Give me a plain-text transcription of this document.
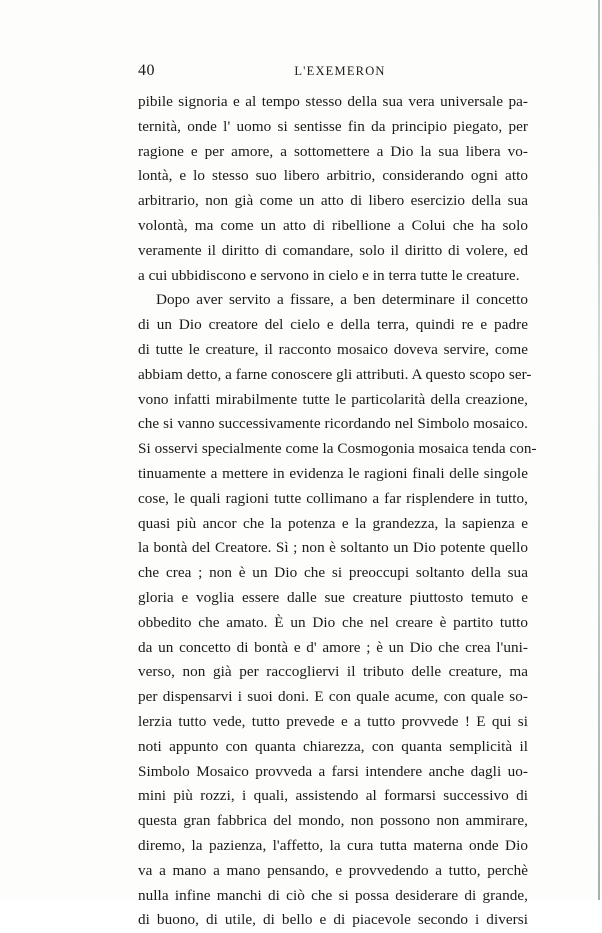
40	L'EXEMERON
pibile signoria e al tempo stesso della sua vera universale pa-
ternità, onde l' uomo si sentisse fin da principio piegato, per
ragione e per amore, a sottomettere a Dio la sua libera vo-
lontà, e lo stesso suo libero arbitrio, considerando ogni atto
arbitrario, non già come un atto di libero esercizio della sua
volontà, ma come un atto di ribellione a Colui che ha solo
veramente il diritto di comandare, solo il diritto di volere, ed
a cui ubbidiscono e servono in cielo e in terra tutte le creature.
Dopo aver servito a fissare, a ben determinare il concetto
di un Dio creatore del cielo e della terra, quindi re e padre
di tutte le creature, il racconto mosaico doveva servire, come
abbiam detto, a farne conoscere gli attributi. A questo scopo ser-
vono infatti mirabilmente tutte le particolarità della creazione,
che si vanno successivamente ricordando nel Simbolo mosaico.
Si osservi specialmente come la Cosmogonia mosaica tenda con-
tinuamente a mettere in evidenza le ragioni finali delle singole
cose, le quali ragioni tutte collimano a far risplendere in tutto,
quasi più ancor che la potenza e la grandezza, la sapienza e
la bontà del Creatore. Sì ; non è soltanto un Dio potente quello
che crea ; non è un Dio che si preoccupi soltanto della sua
gloria e voglia essere dalle sue creature piuttosto temuto e
obbedito che amato. È un Dio che nel creare è partito tutto
da un concetto di bontà e d' amore ; è un Dio che crea l'uni-
verso, non già per raccogliervi il tributo delle creature, ma
per dispensarvi i suoi doni. E con quale acume, con quale so-
lerzia tutto vede, tutto prevede e a tutto provvede ! E qui si
noti appunto con quanta chiarezza, con quanta semplicità il
Simbolo Mosaico provveda a farsi intendere anche dagli uo-
mini più rozzi, i quali, assistendo al formarsi successivo di
questa gran fabbrica del mondo, non possono non ammirare,
diremo, la pazienza, l'affetto, la cura tutta materna onde Dio
va a mano a mano pensando, e provvedendo a tutto, perchè
nulla infine manchi di ciò che si possa desiderare di grande,
di buono, di utile, di bello e di piacevole secondo i diversi
